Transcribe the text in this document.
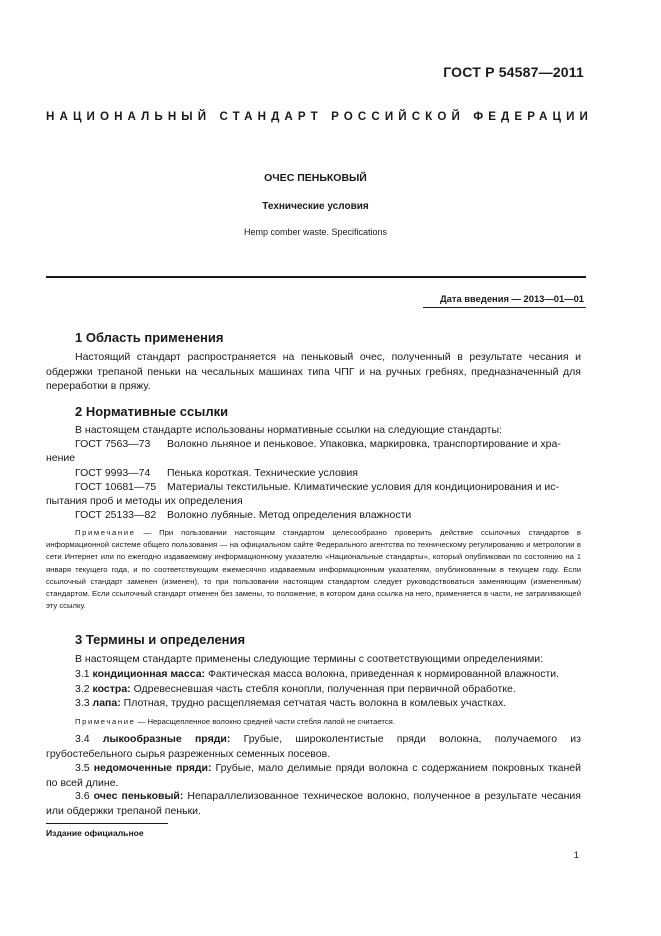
ГОСТ Р 54587—2011
НАЦИОНАЛЬНЫЙ СТАНДАРТ РОССИЙСКОЙ ФЕДЕРАЦИИ
ОЧЕС ПЕНЬКОВЫЙ
Технические условия
Hemp comber waste. Specifications
Дата введения — 2013—01—01
1 Область применения
Настоящий стандарт распространяется на пеньковый очес, полученный в результате чесания и обдержки трепаной пеньки на чесальных машинах типа ЧПГ и на ручных гребнях, предназначенный для переработки в пряжу.
2 Нормативные ссылки
В настоящем стандарте использованы нормативные ссылки на следующие стандарты:
ГОСТ 7563—73 Волокно льняное и пеньковое. Упаковка, маркировка, транспортирование и хра-
нение
ГОСТ 9993—74 Пенька короткая. Технические условия
ГОСТ 10681—75 Материалы текстильные. Климатические условия для кондиционирования и ис-
пытания проб и методы их определения
ГОСТ 25133—82 Волокно лубяные. Метод определения влажности
Примечание — При пользовании настоящим стандартом целесообразно проверить действие ссылочных стандартов в информационной системе общего пользования — на официальном сайте Федерального агентства по техническому регулированию и метрологии в сети Интернет или по ежегодно издаваемому информационному указателю «Национальные стандарты», который опубликован по состоянию на 1 января текущего года, и по соответствующим ежемесячно издаваемым информационным указателям, опубликованным в текущем году. Если ссылочный стандарт заменен (изменен), то при пользовании настоящим стандартом следует руководствоваться заменяющим (измененным) стандартом. Если ссылочный стандарт отменен без замены, то положение, в котором дана ссылка на него, применяется в части, не затрагивающей эту ссылку.
3 Термины и определения
В настоящем стандарте применены следующие термины с соответствующими определениями:
3.1 кондиционная масса: Фактическая масса волокна, приведенная к нормированной влажности.
3.2 костра: Одревесневшая часть стебля конопли, полученная при первичной обработке.
3.3 лапа: Плотная, трудно расщепляемая сетчатая часть волокна в комлевых участках.
Примечание — Нерасщепленное волокно средней части стебля лапой не считается.
3.4 лыкообразные пряди: Грубые, широколентистые пряди волокна, получаемого из грубостебельного сырья разреженных семенных посевов.
3.5 недомоченные пряди: Грубые, мало делимые пряди волокна с содержанием покровных тканей по всей длине.
3.6 очес пеньковый: Непараллелизованное техническое волокно, полученное в результате чесания или обдержки трепаной пеньки.
Издание официальное
1
